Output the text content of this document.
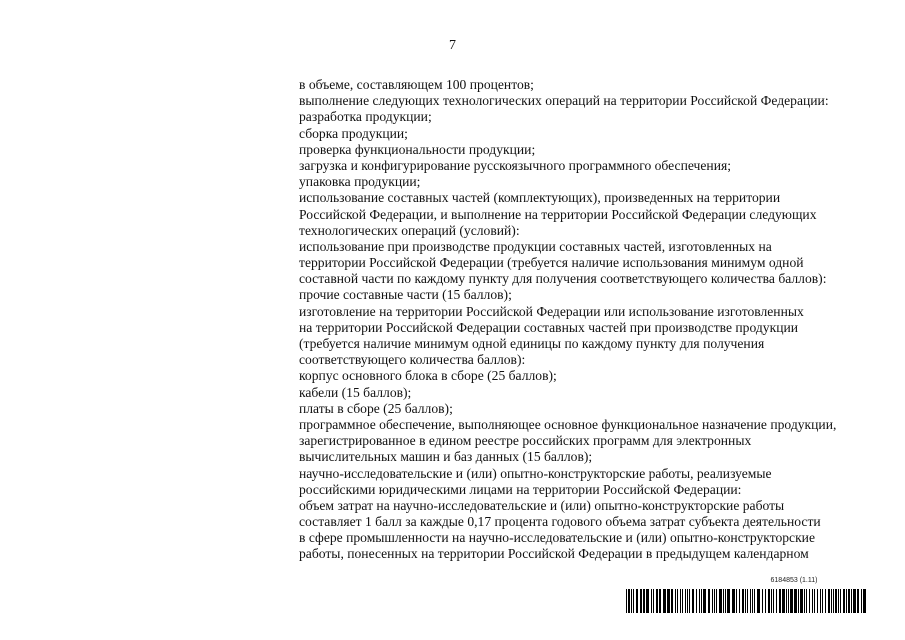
7
в объеме, составляющем 100 процентов;
выполнение следующих технологических операций на территории Российской Федерации:
разработка продукции;
сборка продукции;
проверка функциональности продукции;
загрузка и конфигурирование русскоязычного программного обеспечения;
упаковка продукции;
использование составных частей (комплектующих), произведенных на территории
Российской Федерации, и выполнение на территории Российской Федерации следующих
технологических операций (условий):
использование при производстве продукции составных частей, изготовленных на
территории Российской Федерации (требуется наличие использования минимум одной
составной части по каждому пункту для получения соответствующего количества баллов):
прочие составные части (15 баллов);
изготовление на территории Российской Федерации или использование изготовленных
на территории Российской Федерации составных частей при производстве продукции
(требуется наличие минимум одной единицы по каждому пункту для получения
соответствующего количества баллов):
корпус основного блока в сборе (25 баллов);
кабели (15 баллов);
платы в сборе (25 баллов);
программное обеспечение, выполняющее основное функциональное назначение продукции,
зарегистрированное в едином реестре российских программ для электронных
вычислительных машин и баз данных (15 баллов);
научно-исследовательские и (или) опытно-конструкторские работы, реализуемые
российскими юридическими лицами на территории Российской Федерации:
объем затрат на научно-исследовательские и (или) опытно-конструкторские работы
составляет 1 балл за каждые 0,17 процента годового объема затрат субъекта деятельности
в сфере промышленности на научно-исследовательские и (или) опытно-конструкторские
работы, понесенных на территории Российской Федерации в предыдущем календарном
6184853 (1.11)
